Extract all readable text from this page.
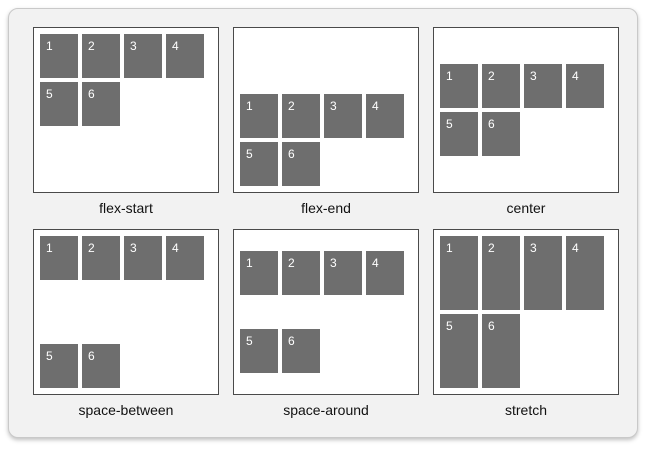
1	2	3	4
5	6
flex-start
1	2	3	4
5	6
flex-end
1	2	3	4
5	6
center
1	2	3	4
5	6
space-between
1	2	3	4
5	6
space-around
1	2	3	4
5	6
stretch
